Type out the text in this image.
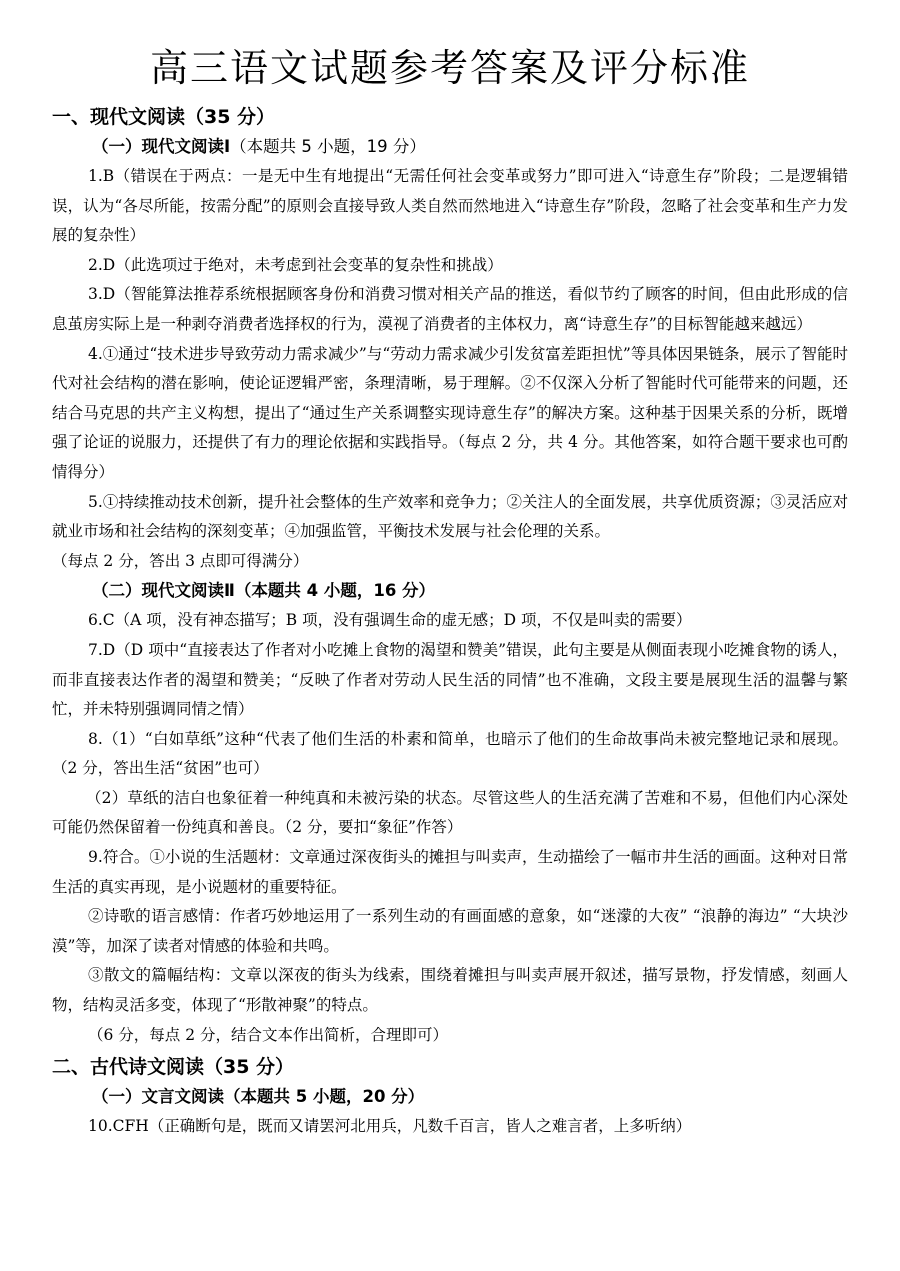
高三语文试题参考答案及评分标准
一、现代文阅读（35 分）
（一）现代文阅读Ⅰ（本题共 5 小题，19 分）

1.B（错误在于两点：一是无中生有地提出“无需任何社会变革或努力”即可进入“诗意生存”阶段；二是逻辑错误，认为“各尽所能，按需分配”的原则会直接导致人类自然而然地进入“诗意生存”阶段，忽略了社会变革和生产力发展的复杂性）

2.D（此选项过于绝对，未考虑到社会变革的复杂性和挑战）

3.D（智能算法推荐系统根据顾客身份和消费习惯对相关产品的推送，看似节约了顾客的时间，但由此形成的信息茧房实际上是一种剥夺消费者选择权的行为，漠视了消费者的主体权力，离“诗意生存”的目标智能越来越远）

4.①通过“技术进步导致劳动力需求减少”与“劳动力需求减少引发贫富差距担忧”等具体因果链条，展示了智能时代对社会结构的潜在影响，使论证逻辑严密，条理清晰，易于理解。②不仅深入分析了智能时代可能带来的问题，还结合马克思的共产主义构想，提出了“通过生产关系调整实现诗意生存”的解决方案。这种基于因果关系的分析，既增强了论证的说服力，还提供了有力的理论依据和实践指导。（每点 2 分，共 4 分。其他答案，如符合题干要求也可酌情得分）

5.①持续推动技术创新，提升社会整体的生产效率和竞争力；②关注人的全面发展，共享优质资源；③灵活应对就业市场和社会结构的深刻变革；④加强监管，平衡技术发展与社会伦理的关系。

（每点 2 分，答出 3 点即可得满分）

（二）现代文阅读Ⅱ（本题共 4 小题，16 分）

6.C（A 项，没有神态描写；B 项，没有强调生命的虚无感；D 项，不仅是叫卖的需要）

7.D（D 项中“直接表达了作者对小吃摊上食物的渴望和赞美”错误，此句主要是从侧面表现小吃摊食物的诱人，而非直接表达作者的渴望和赞美；“反映了作者对劳动人民生活的同情”也不准确，文段主要是展现生活的温馨与繁忙，并未特别强调同情之情）

8.（1）“白如草纸”这种“代表了他们生活的朴素和简单，也暗示了他们的生命故事尚未被完整地记录和展现。（2 分，答出生活“贫困”也可）

（2）草纸的洁白也象征着一种纯真和未被污染的状态。尽管这些人的生活充满了苦难和不易，但他们内心深处可能仍然保留着一份纯真和善良。（2 分，要扣“象征”作答）

9.符合。①小说的生活题材：文章通过深夜街头的摊担与叫卖声，生动描绘了一幅市井生活的画面。这种对日常生活的真实再现，是小说题材的重要特征。

②诗歌的语言感情：作者巧妙地运用了一系列生动的有画面感的意象，如“迷濛的大夜” “浪静的海边” “大块沙漠”等，加深了读者对情感的体验和共鸣。

③散文的篇幅结构：文章以深夜的街头为线索，围绕着摊担与叫卖声展开叙述，描写景物，抒发情感，刻画人物，结构灵活多变，体现了“形散神聚”的特点。

（6 分，每点 2 分，结合文本作出简析，合理即可）

二、古代诗文阅读（35 分）
（一）文言文阅读（本题共 5 小题，20 分）

10.CFH（正确断句是，既而又请罢河北用兵，凡数千百言，皆人之难言者，上多听纳）
